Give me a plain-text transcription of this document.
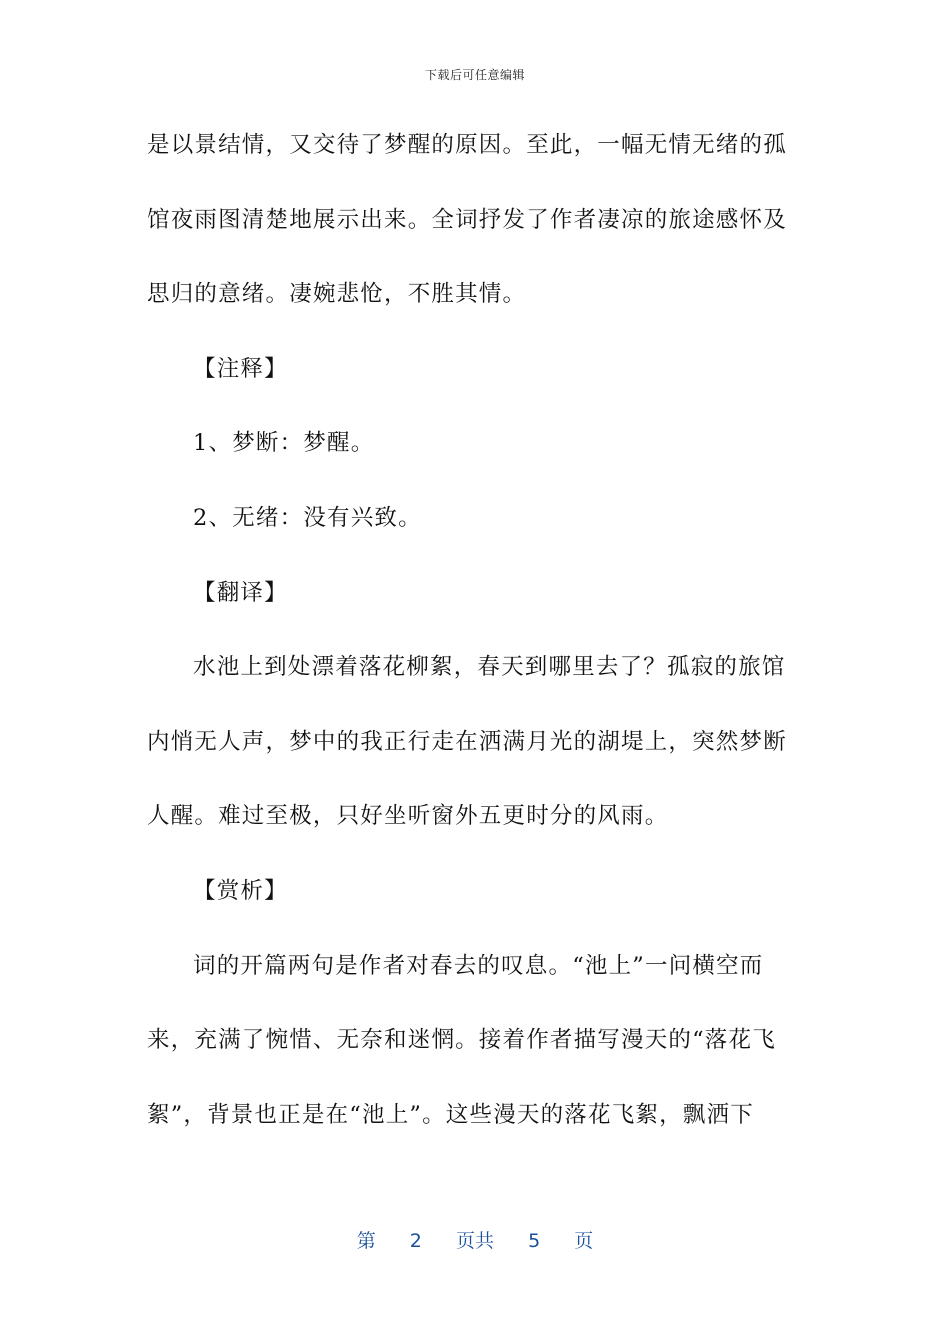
下载后可任意编辑
是以景结情，又交待了梦醒的原因。至此，一幅无情无绪的孤
馆夜雨图清楚地展示出来。全词抒发了作者凄凉的旅途感怀及
思归的意绪。凄婉悲怆，不胜其情。
【注释】
1、梦断：梦醒。
2、无绪：没有兴致。
【翻译】
水池上到处漂着落花柳絮，春天到哪里去了？孤寂的旅馆
内悄无人声，梦中的我正行走在洒满月光的湖堤上，突然梦断
人醒。难过至极，只好坐听窗外五更时分的风雨。
【赏析】
词的开篇两句是作者对春去的叹息。“池上”一问横空而
来，充满了惋惜、无奈和迷惘。接着作者描写漫天的“落花飞
絮”，背景也正是在“池上”。这些漫天的落花飞絮，飘洒下
第 2 页共 5 页
